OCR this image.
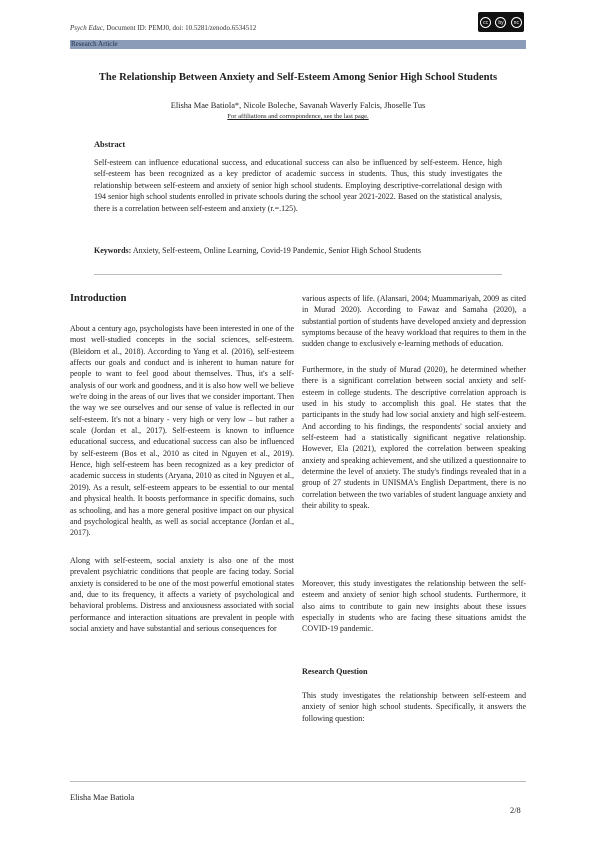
Psych Educ, Document ID: PEMJ0, doi: 10.5281/zenodo.6534512
cc	by	nc
Research Article
The Relationship Between Anxiety and Self-Esteem Among Senior High School Students
Elisha Mae Batiola*, Nicole Boleche, Savanah Waverly Falcis, Jhoselle Tus
For affiliations and correspondence, see the last page.
Abstract

Self-esteem can influence educational success, and educational success can also be influenced by self-esteem. Hence, high self-esteem has been recognized as a key predictor of academic success in students. Thus, this study investigates the relationship between self-esteem and anxiety of senior high school students. Employing descriptive-correlational design with 194 senior high school students enrolled in private schools during the school year 2021-2022. Based on the statistical analysis, there is a correlation between self-esteem and anxiety (r.=.125).

Keywords: Anxiety, Self-esteem, Online Learning, Covid-19 Pandemic, Senior High School Students

Introduction

About a century ago, psychologists have been interested in one of the most well-studied concepts in the social sciences, self-esteem. (Bleidorn et al., 2018). According to Yang et al. (2016), self-esteem affects our goals and conduct and is inherent to human nature for people to want to feel good about themselves. Thus, it's a self-analysis of our work and goodness, and it is also how well we believe we're doing in the areas of our lives that we consider important. Then the way we see ourselves and our sense of value is reflected in our self-esteem. It's not a binary - very high or very low – but rather a scale (Jordan et al., 2017). Self-esteem is known to influence educational success, and educational success can also be influenced by self-esteem (Bos et al., 2010 as cited in Nguyen et al., 2019). Hence, high self-esteem has been recognized as a key predictor of academic success in students (Aryana, 2010 as cited in Nguyen et al., 2019). As a result, self-esteem appears to be essential to our mental and physical health. It boosts performance in specific domains, such as schooling, and has a more general positive impact on our physical and psychological health, as well as social acceptance (Jordan et al., 2017).

Along with self-esteem, social anxiety is also one of the most prevalent psychiatric conditions that people are facing today. Social anxiety is considered to be one of the most powerful emotional states and, due to its frequency, it affects a variety of psychological and behavioral problems. Distress and anxiousness associated with social performance and interaction situations are prevalent in people with social anxiety and have substantial and serious consequences for

various aspects of life. (Alansari, 2004; Muammariyah, 2009 as cited in Murad 2020). According to Fawaz and Samaha (2020), a substantial portion of students have developed anxiety and depression symptoms because of the heavy workload that requires to them in the sudden change to exclusively e-learning methods of education.

Furthermore, in the study of Murad (2020), he determined whether there is a significant correlation between social anxiety and self-esteem in college students. The descriptive correlation approach is used in his study to accomplish this goal. He states that the participants in the study had low social anxiety and high self-esteem. And according to his findings, the respondents' social anxiety and self-esteem had a statistically significant negative relationship. However, Ela (2021), explored the correlation between speaking anxiety and speaking achievement, and she utilized a questionnaire to determine the level of anxiety. The study's findings revealed that in a group of 27 students in UNISMA's English Department, there is no correlation between the two variables of student language anxiety and their ability to speak.

Moreover, this study investigates the relationship between the self-esteem and anxiety of senior high school students. Furthermore, it also aims to contribute to gain new insights about these issues especially in students who are facing these situations amidst the COVID-19 pandemic.

Research Question

This study investigates the relationship between self-esteem and anxiety of senior high school students. Specifically, it answers the following question:

Elisha Mae Batiola
2/8
